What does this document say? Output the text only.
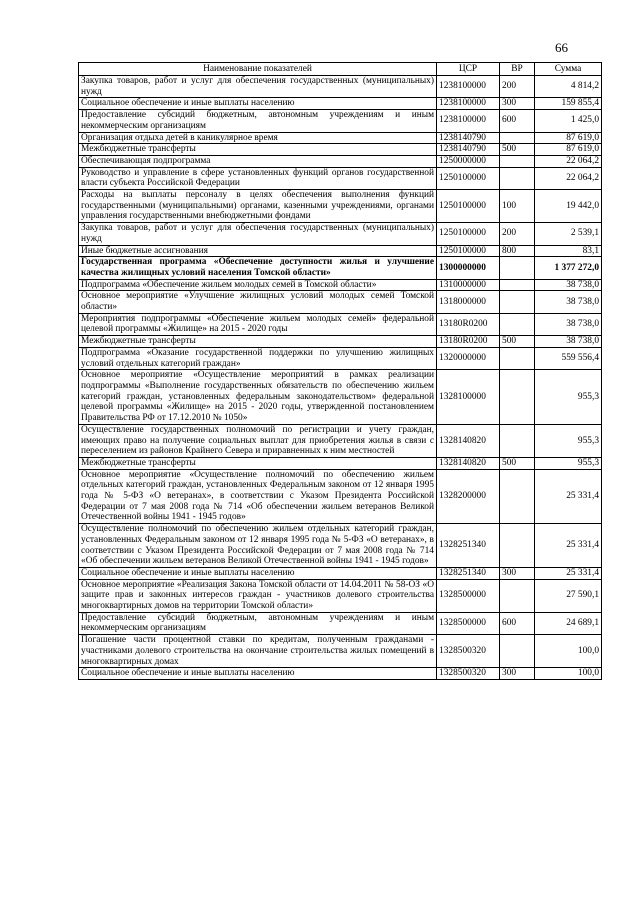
66
Наименование показателей	ЦСР	ВР	Сумма
Закупка товаров, работ и услуг для обеспечения государственных (муниципальных) нужд	1238100000	200	4 814,2
Социальное обеспечение и иные выплаты населению	1238100000	300	159 855,4
Предоставление субсидий бюджетным, автономным учреждениям и иным некоммерческим организациям	1238100000	600	1 425,0
Организация отдыха детей в каникулярное время	1238140790		87 619,0
Межбюджетные трансферты	1238140790	500	87 619,0
Обеспечивающая подпрограмма	1250000000		22 064,2
Руководство и управление в сфере установленных функций органов государственной власти субъекта Российской Федерации	1250100000		22 064,2
Расходы на выплаты персоналу в целях обеспечения выполнения функций государственными (муниципальными) органами, казенными учреждениями, органами управления государственными внебюджетными фондами	1250100000	100	19 442,0
Закупка товаров, работ и услуг для обеспечения государственных (муниципальных) нужд	1250100000	200	2 539,1
Иные бюджетные ассигнования	1250100000	800	83,1
Государственная программа «Обеспечение доступности жилья и улучшение качества жилищных условий населения Томской области»	1300000000		1 377 272,0
Подпрограмма «Обеспечение жильем молодых семей в Томской области»	1310000000		38 738,0
Основное мероприятие «Улучшение жилищных условий молодых семей Томской области»	1318000000		38 738,0
Мероприятия подпрограммы «Обеспечение жильем молодых семей» федеральной целевой программы «Жилище» на 2015 - 2020 годы	13180R0200		38 738,0
Межбюджетные трансферты	13180R0200	500	38 738,0
Подпрограмма «Оказание государственной поддержки по улучшению жилищных условий отдельных категорий граждан»	1320000000		559 556,4
Основное мероприятие «Осуществление мероприятий в рамках реализации подпрограммы «Выполнение государственных обязательств по обеспечению жильем категорий граждан, установленных федеральным законодательством» федеральной целевой программы «Жилище» на 2015 - 2020 годы, утвержденной постановлением Правительства РФ от 17.12.2010 № 1050»	1328100000		955,3
Осуществление государственных полномочий по регистрации и учету граждан, имеющих право на получение социальных выплат для приобретения жилья в связи с переселением из районов Крайнего Севера и приравненных к ним местностей	1328140820		955,3
Межбюджетные трансферты	1328140820	500	955,3
Основное мероприятие «Осуществление полномочий по обеспечению жильем отдельных категорий граждан, установленных Федеральным законом от 12 января 1995 года № 5-ФЗ «О ветеранах», в соответствии с Указом Президента Российской Федерации от 7 мая 2008 года № 714 «Об обеспечении жильем ветеранов Великой Отечественной войны 1941 - 1945 годов»	1328200000		25 331,4
Осуществление полномочий по обеспечению жильем отдельных категорий граждан, установленных Федеральным законом от 12 января 1995 года № 5-ФЗ «О ветеранах», в соответствии с Указом Президента Российской Федерации от 7 мая 2008 года № 714 «Об обеспечении жильем ветеранов Великой Отечественной войны 1941 - 1945 годов»	1328251340		25 331,4
Социальное обеспечение и иные выплаты населению	1328251340	300	25 331,4
Основное мероприятие «Реализация Закона Томской области от 14.04.2011 № 58-ОЗ «О защите прав и законных интересов граждан - участников долевого строительства многоквартирных домов на территории Томской области»	1328500000		27 590,1
Предоставление субсидий бюджетным, автономным учреждениям и иным некоммерческим организациям	1328500000	600	24 689,1
Погашение части процентной ставки по кредитам, полученным гражданами - участниками долевого строительства на окончание строительства жилых помещений в многоквартирных домах	1328500320		100,0
Социальное обеспечение и иные выплаты населению	1328500320	300	100,0
